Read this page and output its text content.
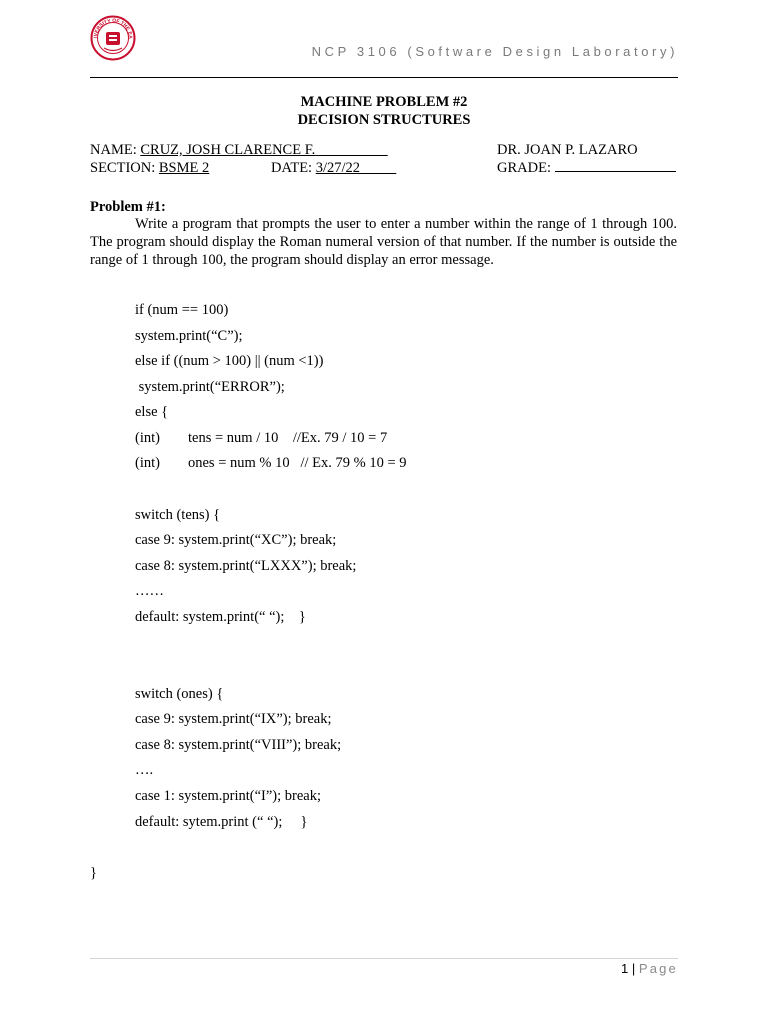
IVERSITY OF THE EA
NCP 3106 (Software Design Laboratory)
MACHINE PROBLEM #2
DECISION STRUCTURES
NAME: CRUZ, JOSH CLARENCE F.
SECTION: BSME 2	DATE: 3/27/22
DR. JOAN P. LAZARO
GRADE:
Problem #1:
Write a program that prompts the user to enter a number within the range of 1 through 100. The program should display the Roman numeral version of that number. If the number is outside the range of 1 through 100, the program should display an error message.
if (num == 100)
system.print(“C”);
else if ((num > 100) || (num <1))
system.print(“ERROR”);
else {
(int) tens = num / 10    //Ex. 79 / 10 = 7
(int) ones = num % 10   // Ex. 79 % 10 = 9
switch (tens) {
case 9: system.print(“XC”); break;
case 8: system.print(“LXXX”); break;
……
default: system.print(“ “);    }
switch (ones) {
case 9: system.print(“IX”); break;
case 8: system.print(“VIII”); break;
….
case 1: system.print(“I”); break;
default: sytem.print (“ “);     }
}
1 | Page
